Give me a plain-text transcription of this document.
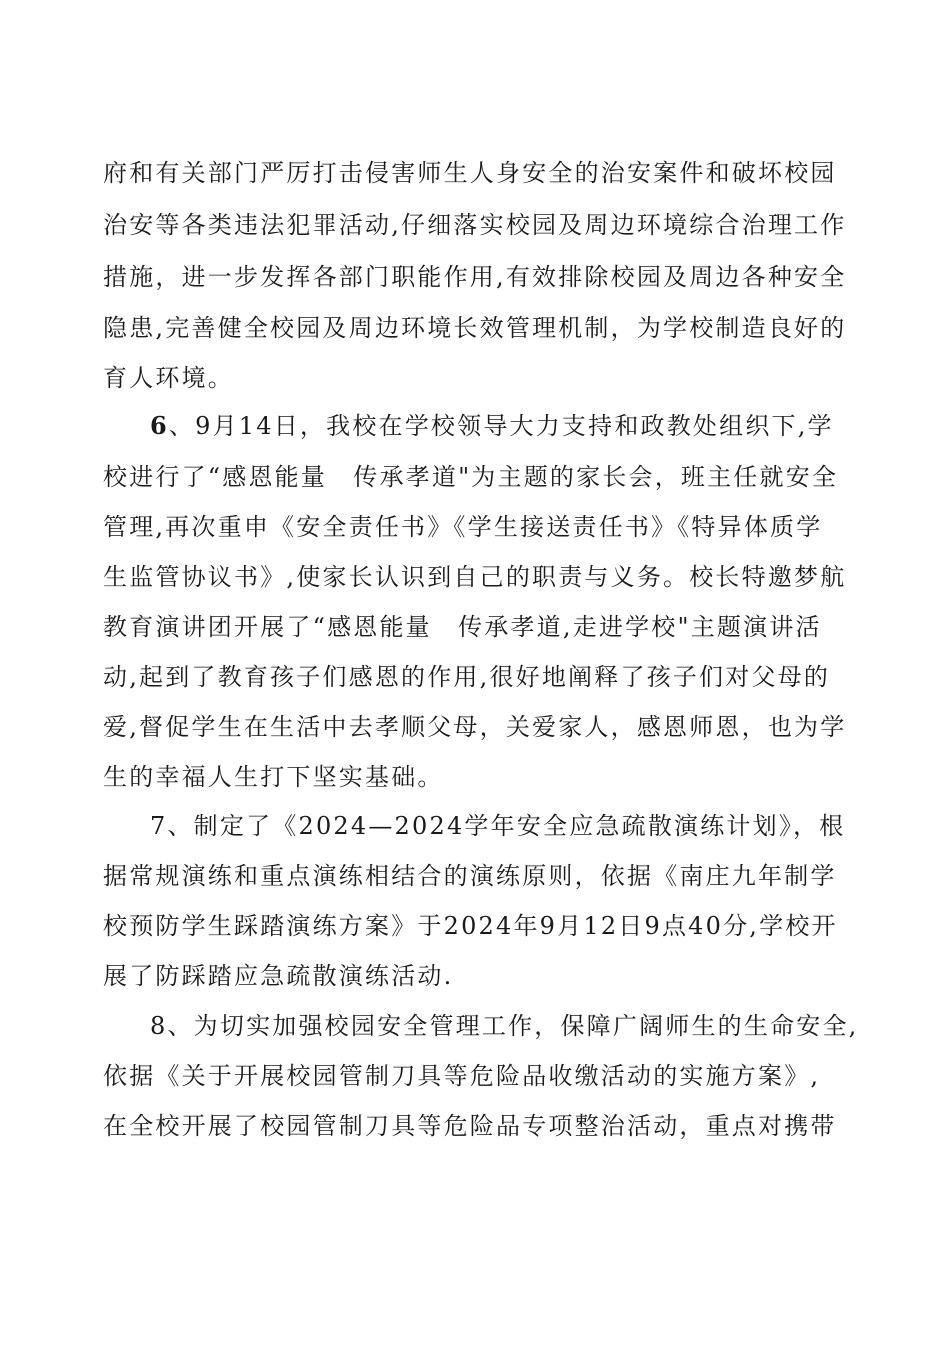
府和有关部门严厉打击侵害师生人身安全的治安案件和破坏校园

治安等各类违法犯罪活动,仔细落实校园及周边环境综合治理工作

措施，进一步发挥各部门职能作用,有效排除校园及周边各种安全

隐患,完善健全校园及周边环境长效管理机制，为学校制造良好的

育人环境。

6、9月14日，我校在学校领导大力支持和政教处组织下,学

校进行了“感恩能量　传承孝道"为主题的家长会，班主任就安全

管理,再次重申《安全责任书》《学生接送责任书》《特异体质学

生监管协议书》,使家长认识到自己的职责与义务。校长特邀梦航

教育演讲团开展了“感恩能量　传承孝道,走进学校"主题演讲活

动,起到了教育孩子们感恩的作用,很好地阐释了孩子们对父母的

爱,督促学生在生活中去孝顺父母，关爱家人，感恩师恩，也为学

生的幸福人生打下坚实基础。

7、制定了《2024—2024学年安全应急疏散演练计划》，根

据常规演练和重点演练相结合的演练原则，依据《南庄九年制学

校预防学生踩踏演练方案》于2024年9月12日9点40分,学校开

展了防踩踏应急疏散演练活动.

8、为切实加强校园安全管理工作，保障广阔师生的生命安全,

依据《关于开展校园管制刀具等危险品收缴活动的实施方案》,

在全校开展了校园管制刀具等危险品专项整治活动，重点对携带
